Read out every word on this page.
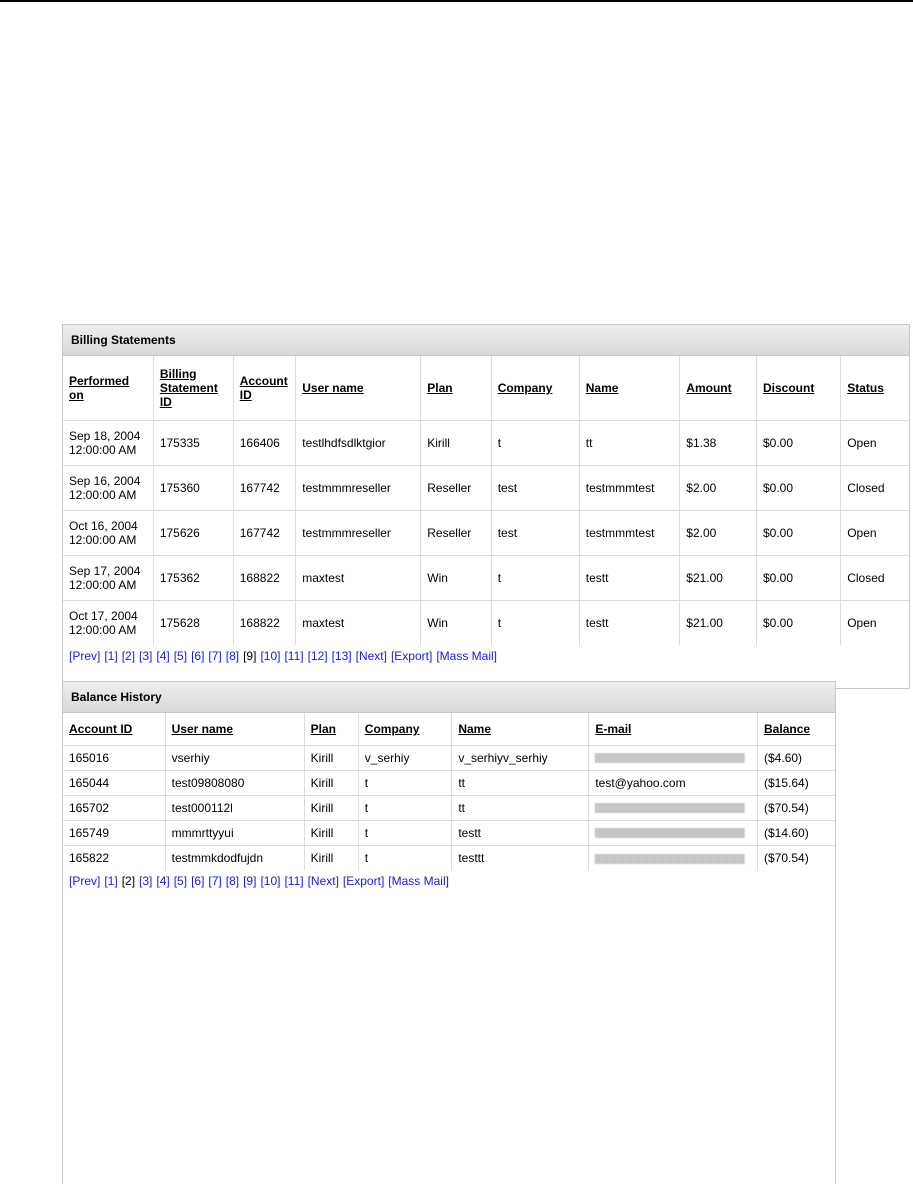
Billing Statements
Performed on	Billing Statement ID	Account ID	User name	Plan	Company	Name	Amount	Discount	Status

Sep 18, 2004
12:00:00 AM	175335	166406	testlhdfsdlktgior	Kirill	t	tt	$1.38	$0.00	Open

Sep 16, 2004
12:00:00 AM	175360	167742	testmmmreseller	Reseller	test	testmmmtest	$2.00	$0.00	Closed

Oct 16, 2004
12:00:00 AM	175626	167742	testmmmreseller	Reseller	test	testmmmtest	$2.00	$0.00	Open

Sep 17, 2004
12:00:00 AM	175362	168822	maxtest	Win	t	testt	$21.00	$0.00	Closed

Oct 17, 2004
12:00:00 AM	175628	168822	maxtest	Win	t	testt	$21.00	$0.00	Open
[Prev] [1] [2] [3] [4] [5] [6] [7] [8] [9] [10] [11] [12] [13] [Next] [Export] [Mass Mail]
Balance History
Account ID	User name	Plan	Company	Name	E-mail	Balance
165016	vserhiy	Kirill	v_serhiy	v_serhiyv_serhiy		($4.60)
165044	test09808080	Kirill	t	tt	test@yahoo.com	($15.64)
165702	test000112l	Kirill	t	tt		($70.54)
165749	mmmrttyyui	Kirill	t	testt		($14.60)
165822	testmmkdodfujdn	Kirill	t	testtt		($70.54)
[Prev] [1] [2] [3] [4] [5] [6] [7] [8] [9] [10] [11] [Next] [Export] [Mass Mail]
